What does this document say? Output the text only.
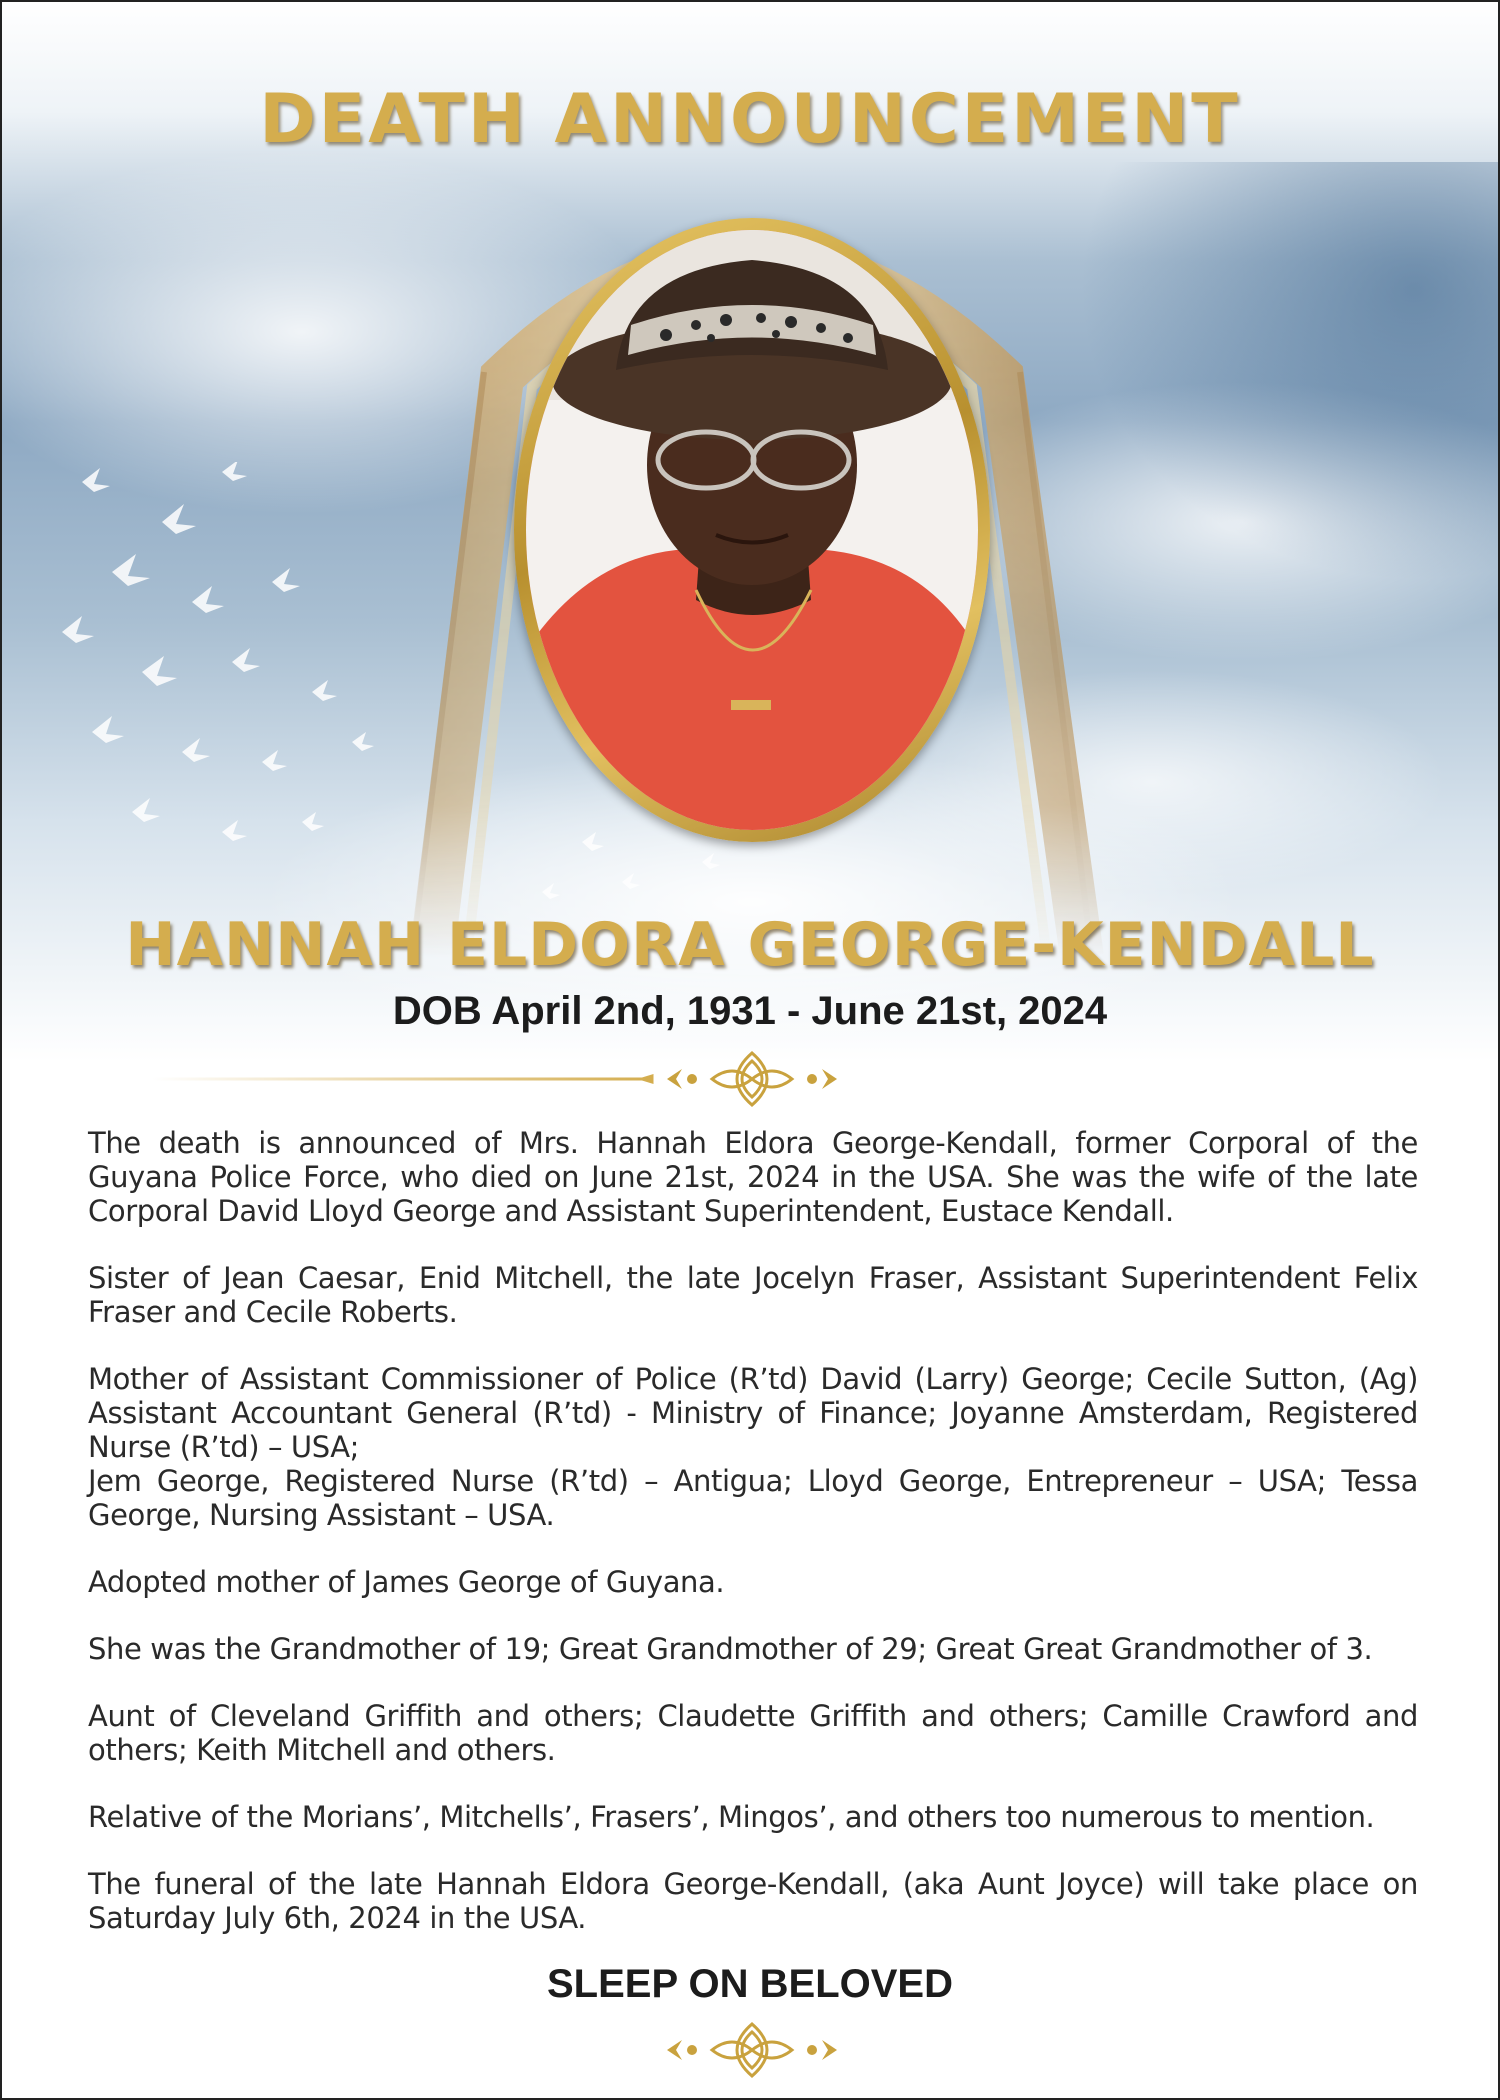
DEATH ANNOUNCEMENT
HANNAH ELDORA GEORGE-KENDALL
DOB April 2nd, 1931 - June 21st, 2024

The death is announced of Mrs. Hannah Eldora George-Kendall, former Corporal of the Guyana Police Force, who died on June 21st, 2024 in the USA. She was the wife of the late Corporal David Lloyd George and Assistant Superintendent, Eustace Kendall.

Sister of Jean Caesar, Enid Mitchell, the late Jocelyn Fraser, Assistant Superintendent Felix Fraser and Cecile Roberts.

Mother of Assistant Commissioner of Police (R’td) David (Larry) George; Cecile Sutton, (Ag) Assistant Accountant General (R’td) - Ministry of Finance; Joyanne Amsterdam, Registered Nurse (R’td) – USA;

Jem George, Registered Nurse (R’td) – Antigua; Lloyd George, Entrepreneur – USA; Tessa George, Nursing Assistant – USA.

Adopted mother of James George of Guyana.

She was the Grandmother of 19; Great Grandmother of 29; Great Great Grandmother of 3.

Aunt of Cleveland Griffith and others; Claudette Griffith and others; Camille Crawford and others; Keith Mitchell and others.

Relative of the Morians’, Mitchells’, Frasers’, Mingos’, and others too numerous to mention.

The funeral of the late Hannah Eldora George-Kendall, (aka Aunt Joyce) will take place on Saturday July 6th, 2024 in the USA.

SLEEP ON BELOVED
